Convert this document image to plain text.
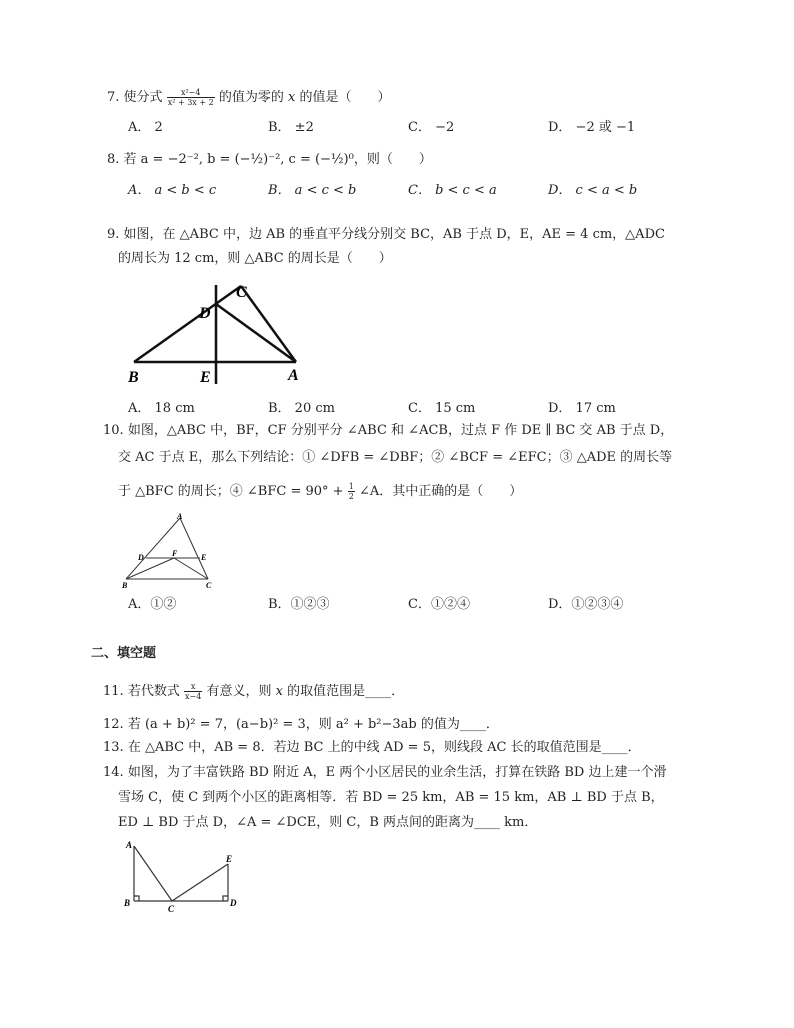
7. 使分式 $\frac{\text{x²−4}}{\text{x² + 3x + 2}}$ 的值为零的 x 的值是（　　）
A． 2	B． ±2	C． −2	D． −2 或 −1
8. 若 a = −2⁻², b = (−½)⁻², c = (−½)⁰，则（　　）
A． a < b < c	B． a < c < b	C． b < c < a	D． c < a < b
9. 如图，在 △ABC 中，边 AB 的垂直平分线分别交 BC，AB 于点 D，E，AE = 4 cm，△ADC
的周长为 12 cm，则 △ABC 的周长是（　　）
B	E	A
D
C
A． 18 cm	B． 20 cm	C． 15 cm	D． 17 cm
10. 如图，△ABC 中，BF，CF 分别平分 ∠ABC 和 ∠ACB，过点 F 作 DE ∥ BC 交 AB 于点 D，
交 AC 于点 E，那么下列结论：① ∠DFB = ∠DBF；② ∠BCF = ∠EFC；③ △ADE 的周长等
于 △BFC 的周长；④ ∠BFC = $90^\circ + \frac{1}{2}$ ∠A．其中正确的是（　　）
A
D	F	E
B	C
A．①②	B．①②③	C．①②④	D．①②③④
二、填空题
11. 若代数式 $\frac{x}{x-4}$ 有意义，则 x 的取值范围是____．
12. 若 (a + b)² = 7，(a−b)² = 3，则 a² + b²−3ab 的值为____．
13. 在 △ABC 中，AB = 8．若边 BC 上的中线 AD = 5，则线段 AC 长的取值范围是____．
14. 如图，为了丰富铁路 BD 附近 A，E 两个小区居民的业余生活，打算在铁路 BD 边上建一个滑
雪场 C，使 C 到两个小区的距离相等．若 BD = 25 km，AB = 15 km，AB ⊥ BD 于点 B，
ED ⊥ BD 于点 D，∠A = ∠DCE，则 C，B 两点间的距离为____ km．
A
E
B
C
D
